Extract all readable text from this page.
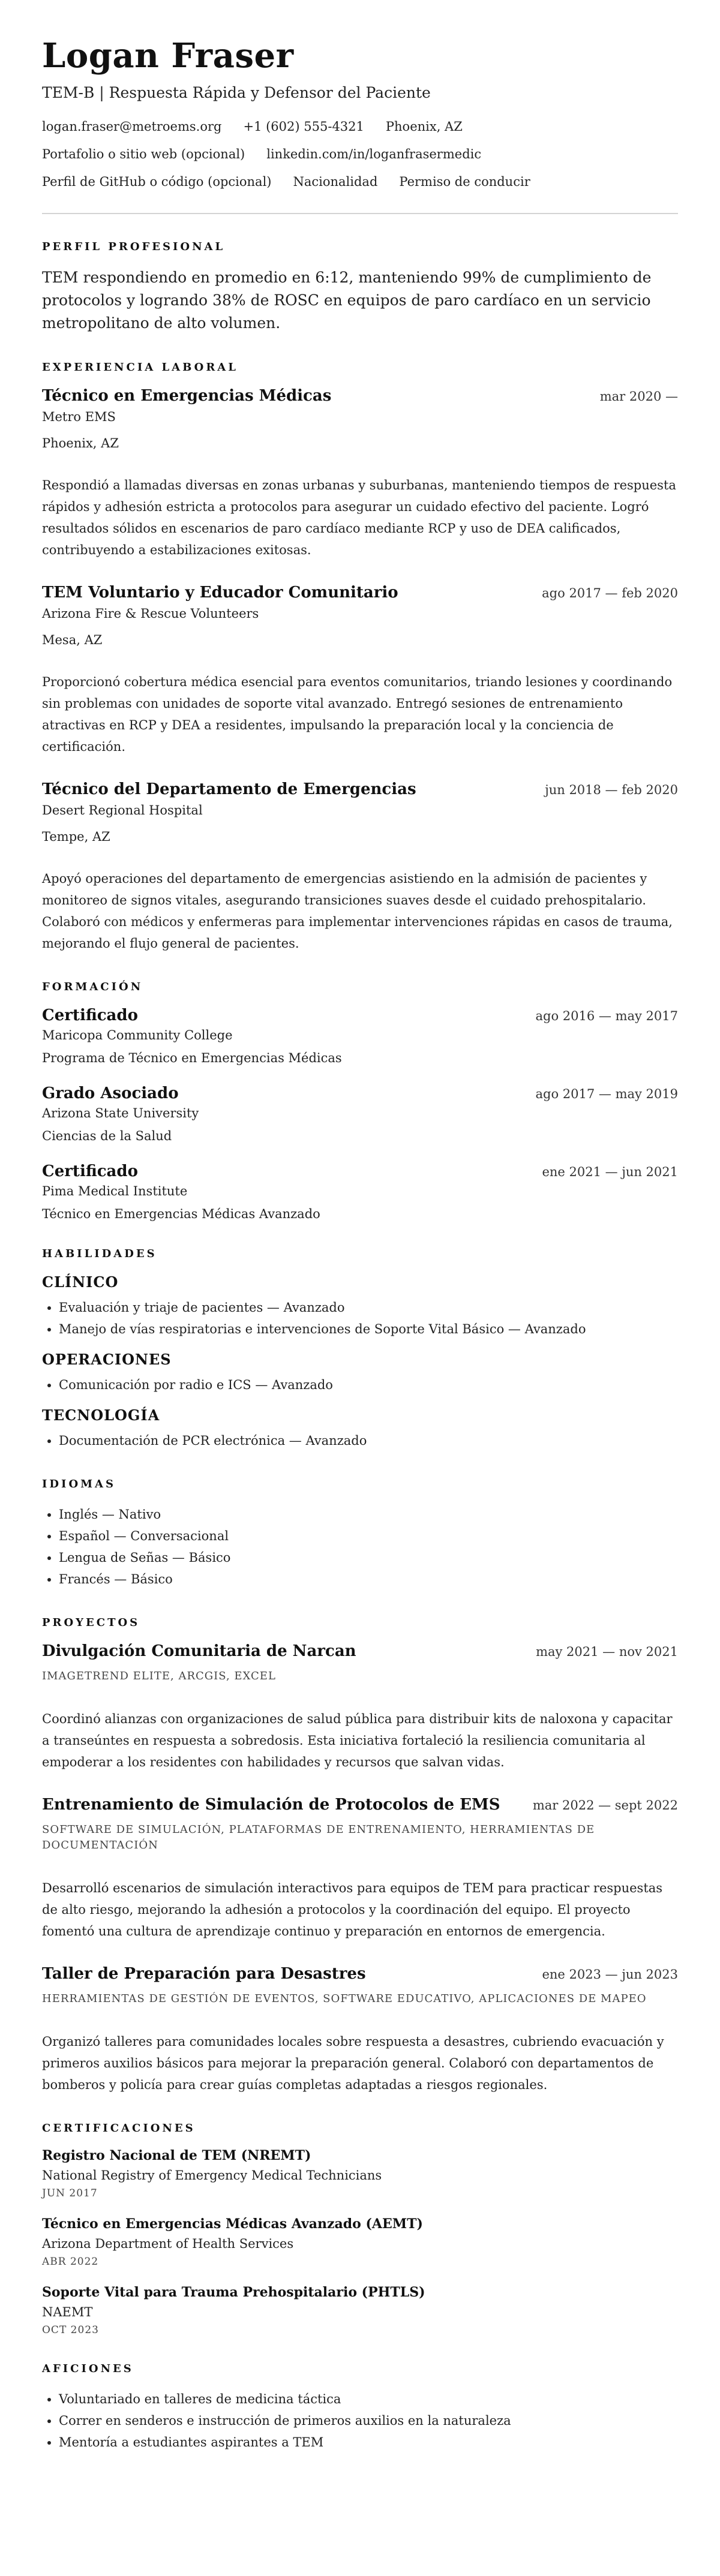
Logan Fraser
TEM-B | Respuesta Rápida y Defensor del Paciente
logan.fraser@metroems.org +1 (602) 555-4321 Phoenix, AZ
Portafolio o sitio web (opcional) linkedin.com/in/loganfrasermedic
Perfil de GitHub o código (opcional) Nacionalidad Permiso de conducir
PERFIL PROFESIONAL
TEM respondiendo en promedio en 6:12, manteniendo 99% de cumplimiento de protocolos y logrando 38% de ROSC en equipos de paro cardíaco en un servicio metropolitano de alto volumen.
EXPERIENCIA LABORAL
Técnico en Emergencias Médicas	mar 2020 —
Metro EMS
Phoenix, AZ
Respondió a llamadas diversas en zonas urbanas y suburbanas, manteniendo tiempos de respuesta rápidos y adhesión estricta a protocolos para asegurar un cuidado efectivo del paciente. Logró resultados sólidos en escenarios de paro cardíaco mediante RCP y uso de DEA calificados, contribuyendo a estabilizaciones exitosas.
TEM Voluntario y Educador Comunitario	ago 2017 — feb 2020
Arizona Fire & Rescue Volunteers
Mesa, AZ
Proporcionó cobertura médica esencial para eventos comunitarios, triando lesiones y coordinando sin problemas con unidades de soporte vital avanzado. Entregó sesiones de entrenamiento atractivas en RCP y DEA a residentes, impulsando la preparación local y la conciencia de certificación.
Técnico del Departamento de Emergencias	jun 2018 — feb 2020
Desert Regional Hospital
Tempe, AZ
Apoyó operaciones del departamento de emergencias asistiendo en la admisión de pacientes y monitoreo de signos vitales, asegurando transiciones suaves desde el cuidado prehospitalario. Colaboró con médicos y enfermeras para implementar intervenciones rápidas en casos de trauma, mejorando el flujo general de pacientes.
FORMACIÓN
Certificado	ago 2016 — may 2017
Maricopa Community College
Programa de Técnico en Emergencias Médicas
Grado Asociado	ago 2017 — may 2019
Arizona State University
Ciencias de la Salud
Certificado	ene 2021 — jun 2021
Pima Medical Institute
Técnico en Emergencias Médicas Avanzado
HABILIDADES
CLÍNICO
• Evaluación y triaje de pacientes — Avanzado
• Manejo de vías respiratorias e intervenciones de Soporte Vital Básico — Avanzado
OPERACIONES
• Comunicación por radio e ICS — Avanzado
TECNOLOGÍA
• Documentación de PCR electrónica — Avanzado
IDIOMAS
• Inglés — Nativo
• Español — Conversacional
• Lengua de Señas — Básico
• Francés — Básico
PROYECTOS
Divulgación Comunitaria de Narcan	may 2021 — nov 2021
IMAGETREND ELITE, ARCGIS, EXCEL
Coordinó alianzas con organizaciones de salud pública para distribuir kits de naloxona y capacitar a transeúntes en respuesta a sobredosis. Esta iniciativa fortaleció la resiliencia comunitaria al empoderar a los residentes con habilidades y recursos que salvan vidas.
Entrenamiento de Simulación de Protocolos de EMS	mar 2022 — sept 2022
SOFTWARE DE SIMULACIÓN, PLATAFORMAS DE ENTRENAMIENTO, HERRAMIENTAS DE DOCUMENTACIÓN
Desarrolló escenarios de simulación interactivos para equipos de TEM para practicar respuestas de alto riesgo, mejorando la adhesión a protocolos y la coordinación del equipo. El proyecto fomentó una cultura de aprendizaje continuo y preparación en entornos de emergencia.
Taller de Preparación para Desastres	ene 2023 — jun 2023
HERRAMIENTAS DE GESTIÓN DE EVENTOS, SOFTWARE EDUCATIVO, APLICACIONES DE MAPEO
Organizó talleres para comunidades locales sobre respuesta a desastres, cubriendo evacuación y primeros auxilios básicos para mejorar la preparación general. Colaboró con departamentos de bomberos y policía para crear guías completas adaptadas a riesgos regionales.
CERTIFICACIONES
Registro Nacional de TEM (NREMT)
National Registry of Emergency Medical Technicians
JUN 2017
Técnico en Emergencias Médicas Avanzado (AEMT)
Arizona Department of Health Services
ABR 2022
Soporte Vital para Trauma Prehospitalario (PHTLS)
NAEMT
OCT 2023
AFICIONES
• Voluntariado en talleres de medicina táctica
• Correr en senderos e instrucción de primeros auxilios en la naturaleza
• Mentoría a estudiantes aspirantes a TEM
